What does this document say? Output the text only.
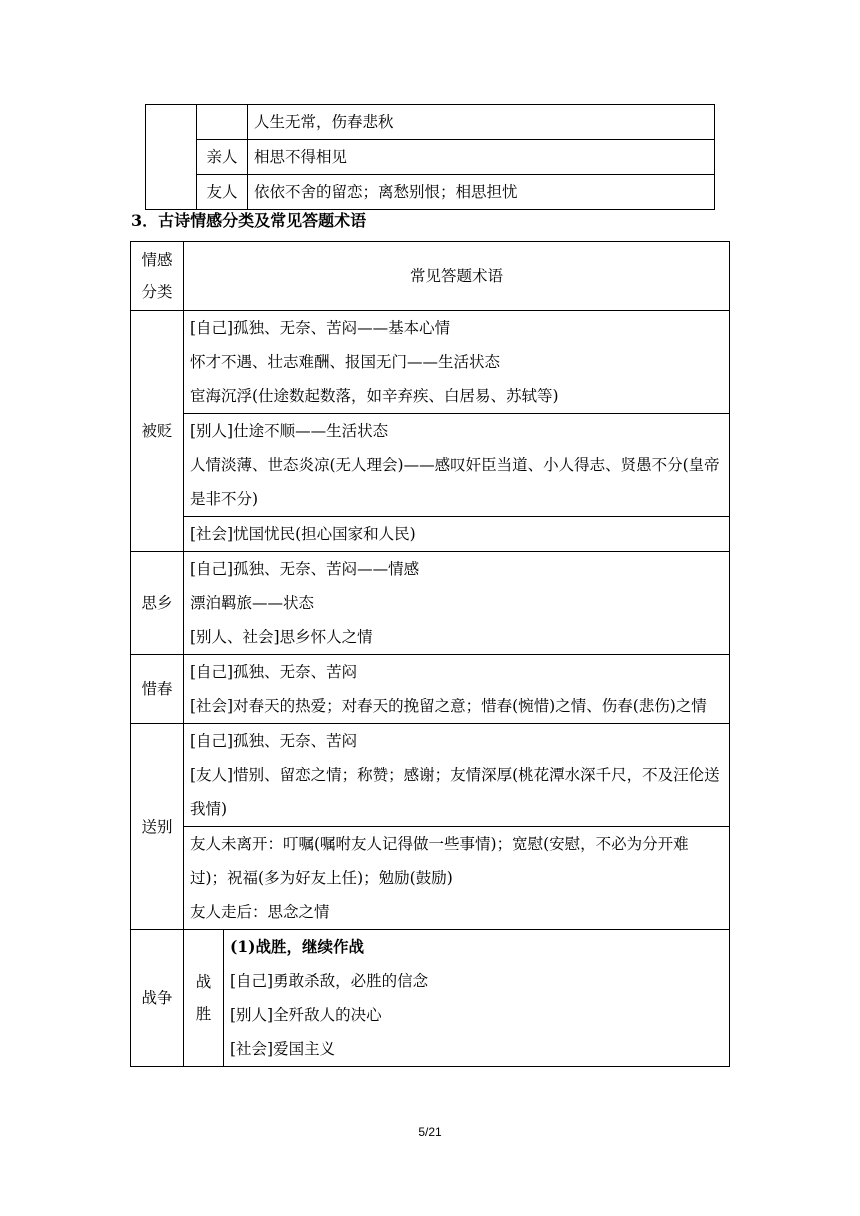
		人生无常，伤春悲秋
	亲人	相思不得相见
	友人	依依不舍的留恋；离愁别恨；相思担忧
3．古诗情感分类及常见答题术语
情感
分类	常见答题术语	
被贬	[自己]孤独、无奈、苦闷——基本心情
怀才不遇、壮志难酬、报国无门——生活状态
宦海沉浮(仕途数起数落，如辛弃疾、白居易、苏轼等)	

	[别人]仕途不顺——生活状态
人情淡薄、世态炎凉(无人理会)——感叹奸臣当道、小人得志、贤愚不分(皇帝是非不分)	

	[社会]忧国忧民(担心国家和人民)	

思乡	[自己]孤独、无奈、苦闷——情感
漂泊羁旅——状态
[别人、社会]思乡怀人之情	

惜春	[自己]孤独、无奈、苦闷
[社会]对春天的热爱；对春天的挽留之意；惜春(惋惜)之情、伤春(悲伤)之情	

送别	[自己]孤独、无奈、苦闷
[友人]惜别、留恋之情；称赞；感谢；友情深厚(桃花潭水深千尺，不及汪伦送我情)	

	友人未离开：叮嘱(嘱咐友人记得做一些事情)；宽慰(安慰，不必为分开难过)；祝福(多为好友上任)；勉励(鼓励)
友人走后：思念之情	

战争	战
胜	(1)战胜，继续作战
[自己]勇敢杀敌，必胜的信念
[别人]全歼敌人的决心
[社会]爱国主义
5/21
